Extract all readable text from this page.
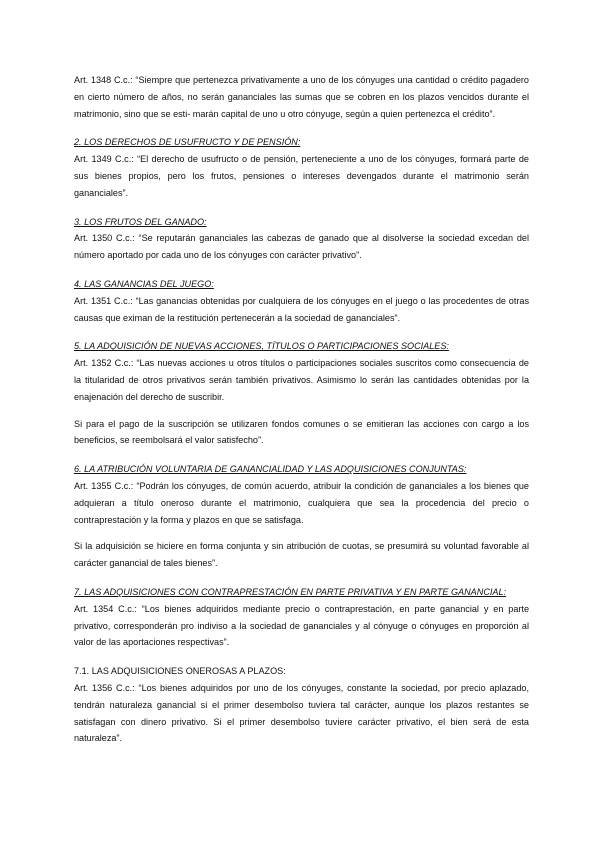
Art. 1348 C.c.: “Siempre que pertenezca privativamente a uno de los cónyuges una cantidad o crédito pagadero en cierto número de años, no serán gananciales las sumas que se cobren en los plazos vencidos durante el matrimonio, sino que se esti- marán capital de uno u otro cónyuge, según a quien pertenezca el crédito”.

2. LOS DERECHOS DE USUFRUCTO Y DE PENSIÓN:

Art. 1349 C.c.: “El derecho de usufructo o de pensión, perteneciente a uno de los cónyuges, formará parte de sus bienes propios, pero los frutos, pensiones o intereses devengados durante el matrimonio serán gananciales”.

3. LOS FRUTOS DEL GANADO:

Art. 1350 C.c.: “Se reputarán gananciales las cabezas de ganado que al disolverse la sociedad excedan del número aportado por cada uno de los cónyuges con carácter privativo”.

4. LAS GANANCIAS DEL JUEGO:

Art. 1351 C.c.: “Las ganancias obtenidas por cualquiera de los cónyuges en el juego o las procedentes de otras causas que eximan de la restitución pertenecerán a la sociedad de gananciales”.

5. LA ADQUISICIÓN DE NUEVAS ACCIONES, TÍTULOS O PARTICIPACIONES SOCIALES:

Art. 1352 C.c.: “Las nuevas acciones u otros títulos o participaciones sociales suscritos como consecuencia de la titularidad de otros privativos serán también privativos. Asimismo lo serán las cantidades obtenidas por la enajenación del derecho de suscribir.

Si para el pago de la suscripción se utilizaren fondos comunes o se emitieran las acciones con cargo a los beneficios, se reembolsará el valor satisfecho”.

6. LA ATRIBUCIÓN VOLUNTARIA DE GANANCIALIDAD Y LAS ADQUISICIONES CONJUNTAS:

Art. 1355 C.c.: “Podrán los cónyuges, de común acuerdo, atribuir la condición de gananciales a los bienes que adquieran a título oneroso durante el matrimonio, cualquiera que sea la procedencia del precio o contraprestación y la forma y plazos en que se satisfaga.

Si la adquisición se hiciere en forma conjunta y sin atribución de cuotas, se presumirá su voluntad favorable al carácter ganancial de tales bienes”.

7. LAS ADQUISICIONES CON CONTRAPRESTACIÓN EN PARTE PRIVATIVA Y EN PARTE GANANCIAL:

Art. 1354 C.c.: “Los bienes adquiridos mediante precio o contraprestación, en parte ganancial y en parte privativo, corresponderán pro indiviso a la sociedad de gananciales y al cónyuge o cónyuges en proporción al valor de las aportaciones respectivas”.

7.1. LAS ADQUISICIONES ONEROSAS A PLAZOS:

Art. 1356 C.c.: “Los bienes adquiridos por uno de los cónyuges, constante la sociedad, por precio aplazado, tendrán naturaleza ganancial si el primer desembolso tuviera tal carácter, aunque los plazos restantes se satisfagan con dinero privativo. Si el primer desembolso tuviere carácter privativo, el bien será de esta naturaleza”.
